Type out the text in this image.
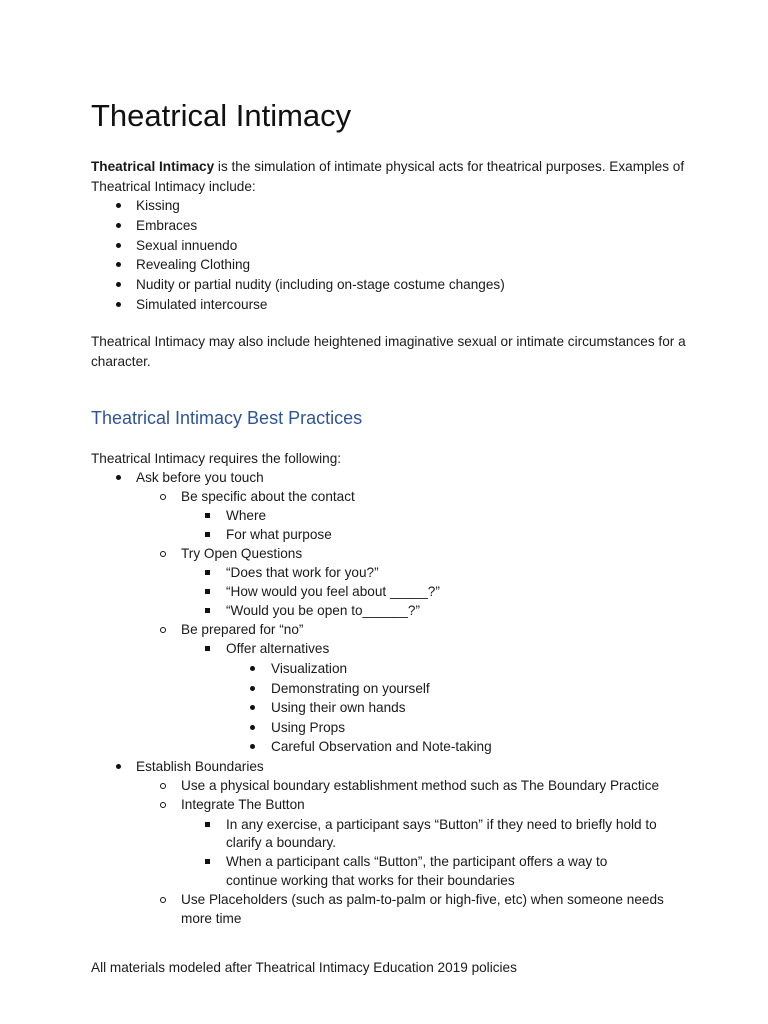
Theatrical Intimacy

Theatrical Intimacy is the simulation of intimate physical acts for theatrical purposes. Examples of Theatrical Intimacy include:

Kissing
Embraces
Sexual innuendo
Revealing Clothing
Nudity or partial nudity (including on-stage costume changes)
Simulated intercourse

Theatrical Intimacy may also include heightened imaginative sexual or intimate circumstances for a character.

Theatrical Intimacy Best Practices

Theatrical Intimacy requires the following:

Ask before you touch
Be specific about the contact
Where
For what purpose
Try Open Questions
“Does that work for you?”
“How would you feel about _____?”
“Would you be open to______?”
Be prepared for “no”
Offer alternatives
Visualization
Demonstrating on yourself
Using their own hands
Using Props
Careful Observation and Note-taking
Establish Boundaries
Use a physical boundary establishment method such as The Boundary Practice
Integrate The Button
In any exercise, a participant says “Button” if they need to briefly hold to
clarify a boundary.
When a participant calls “Button”, the participant offers a way to
continue working that works for their boundaries
Use Placeholders (such as palm-to-palm or high-five, etc) when someone needs
more time

All materials modeled after Theatrical Intimacy Education 2019 policies
